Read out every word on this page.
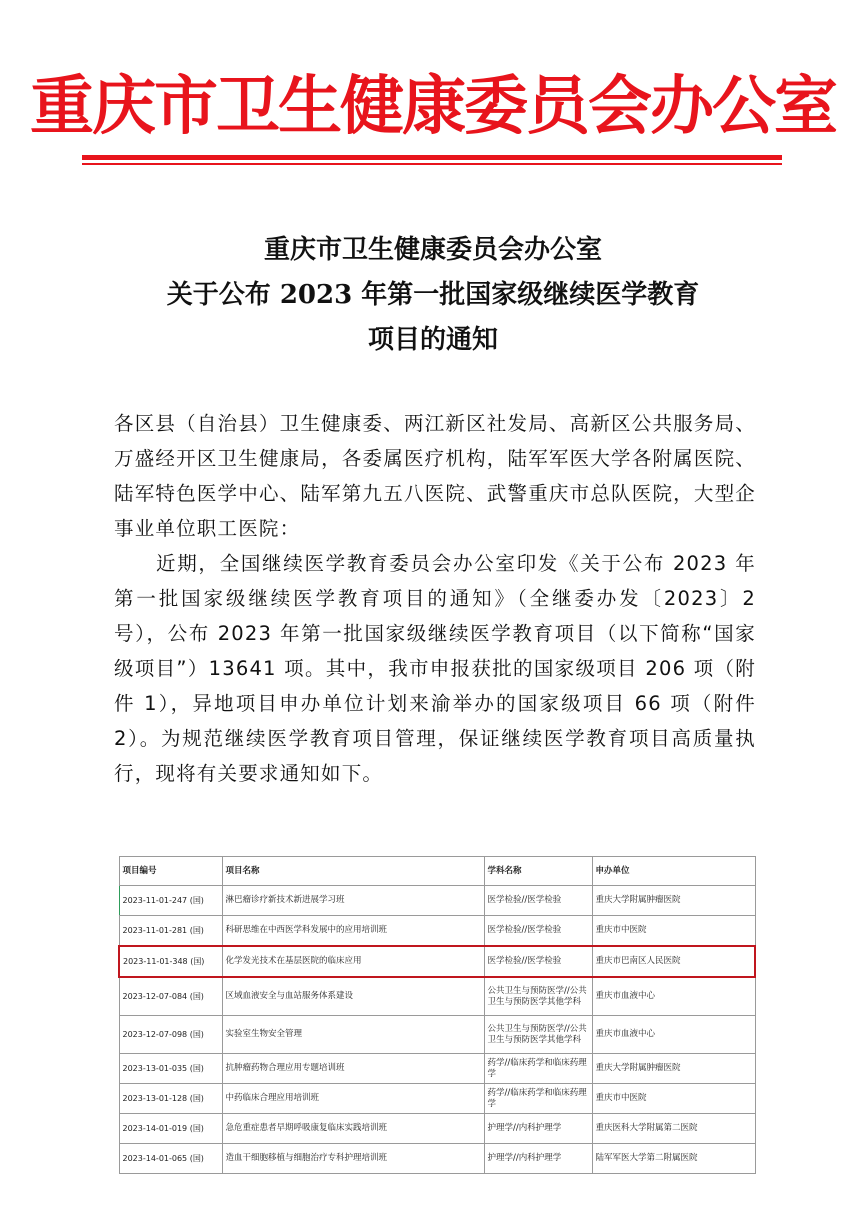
重庆市卫生健康委员会办公室
重庆市卫生健康委员会办公室
关于公布 2023 年第一批国家级继续医学教育
项目的通知

各区县（自治县）卫生健康委、两江新区社发局、高新区公共服务局、万盛经开区卫生健康局，各委属医疗机构，陆军军医大学各附属医院、陆军特色医学中心、陆军第九五八医院、武警重庆市总队医院，大型企事业单位职工医院：

近期，全国继续医学教育委员会办公室印发《关于公布 2023 年第一批国家级继续医学教育项目的通知》（全继委办发〔2023〕2 号），公布 2023 年第一批国家级继续医学教育项目（以下简称“国家级项目”）13641 项。其中，我市申报获批的国家级项目 206 项（附件 1），异地项目申办单位计划来渝举办的国家级项目 66 项（附件 2）。为规范继续医学教育项目管理，保证继续医学教育项目高质量执行，现将有关要求通知如下。

项目编号	项目名称	学科名称	申办单位
2023-11-01-247 (国)	淋巴瘤诊疗新技术新进展学习班	医学检验//医学检验	重庆大学附属肿瘤医院
2023-11-01-281 (国)	科研思维在中西医学科发展中的应用培训班	医学检验//医学检验	重庆市中医院
2023-11-01-348 (国)	化学发光技术在基层医院的临床应用	医学检验//医学检验	重庆市巴南区人民医院
2023-12-07-084 (国)	区域血液安全与血站服务体系建设	公共卫生与预防医学//公共卫生与预防医学其他学科	重庆市血液中心
2023-12-07-098 (国)	实验室生物安全管理	公共卫生与预防医学//公共卫生与预防医学其他学科	重庆市血液中心
2023-13-01-035 (国)	抗肿瘤药物合理应用专题培训班	药学//临床药学和临床药理学	重庆大学附属肿瘤医院
2023-13-01-128 (国)	中药临床合理应用培训班	药学//临床药学和临床药理学	重庆市中医院
2023-14-01-019 (国)	急危重症患者早期呼吸康复临床实践培训班	护理学//内科护理学	重庆医科大学附属第二医院
2023-14-01-065 (国)	造血干细胞移植与细胞治疗专科护理培训班	护理学//内科护理学	陆军军医大学第二附属医院
